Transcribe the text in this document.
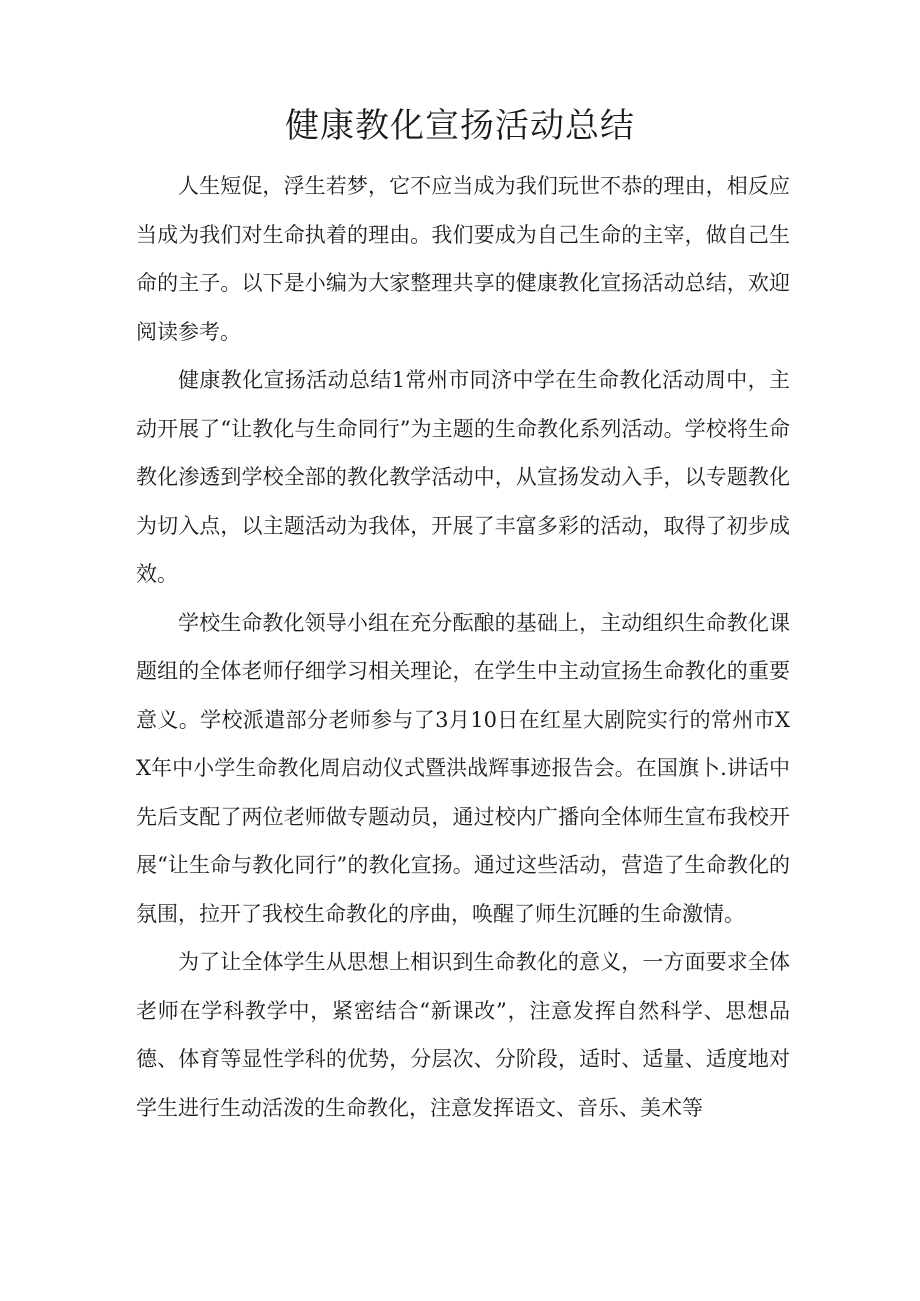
健康教化宣扬活动总结

人生短促，浮生若梦，它不应当成为我们玩世不恭的理由，相反应当成为我们对生命执着的理由。我们要成为自己生命的主宰，做自己生命的主子。以下是小编为大家整理共享的健康教化宣扬活动总结，欢迎阅读参考。

健康教化宣扬活动总结1常州市同济中学在生命教化活动周中，主动开展了“让教化与生命同行”为主题的生命教化系列活动。学校将生命教化渗透到学校全部的教化教学活动中，从宣扬发动入手，以专题教化为切入点，以主题活动为我体，开展了丰富多彩的活动，取得了初步成效。

学校生命教化领导小组在充分酝酿的基础上，主动组织生命教化课题组的全体老师仔细学习相关理论，在学生中主动宣扬生命教化的重要意义。学校派遣部分老师参与了3月10日在红星大剧院实行的常州市XX年中小学生命教化周启动仪式暨洪战辉事迹报告会。在国旗卜.讲话中先后支配了两位老师做专题动员，通过校内广播向全体师生宣布我校开展“让生命与教化同行”的教化宣扬。通过这些活动，营造了生命教化的氛围，拉开了我校生命教化的序曲，唤醒了师生沉睡的生命激情。

为了让全体学生从思想上相识到生命教化的意义，一方面要求全体老师在学科教学中，紧密结合“新课改”，注意发挥自然科学、思想品德、体育等显性学科的优势，分层次、分阶段，适时、适量、适度地对学生进行生动活泼的生命教化，注意发挥语文、音乐、美术等
